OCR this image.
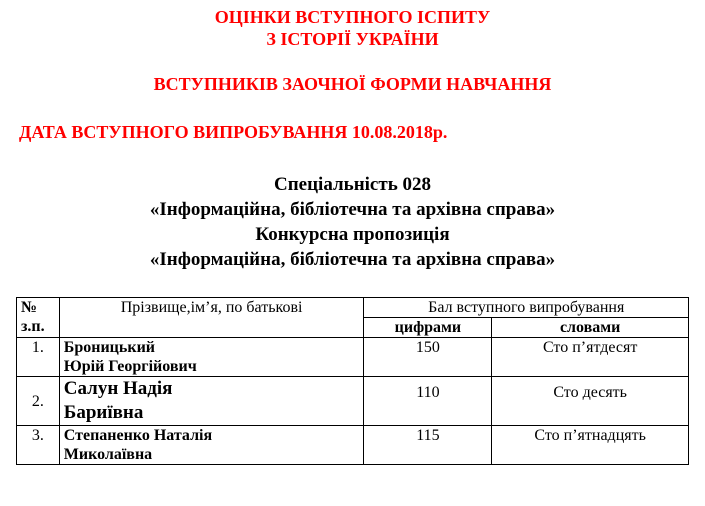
ОЦІНКИ ВСТУПНОГО ІСПИТУ
З ІСТОРІЇ УКРАЇНИ
ВСТУПНИКІВ ЗАОЧНОЇ ФОРМИ НАВЧАННЯ
ДАТА ВСТУПНОГО ВИПРОБУВАННЯ 10.08.2018р.
Спеціальність 028
«Інформаційна, бібліотечна та архівна справа»
Конкурсна пропозиція
«Інформаційна, бібліотечна та архівна справа»
№
з.п.	Прізвище,ім’я, по батькові	Бал вступного випробування	
		цифрами	словами
1.	Броницький
Юрій Георгійович	150	Сто п’ятдесят
2.	Салун Надія
Бариївна	110	Сто десять
3.	Степаненко Наталія
Миколаївна	115	Сто п’ятнадцять
